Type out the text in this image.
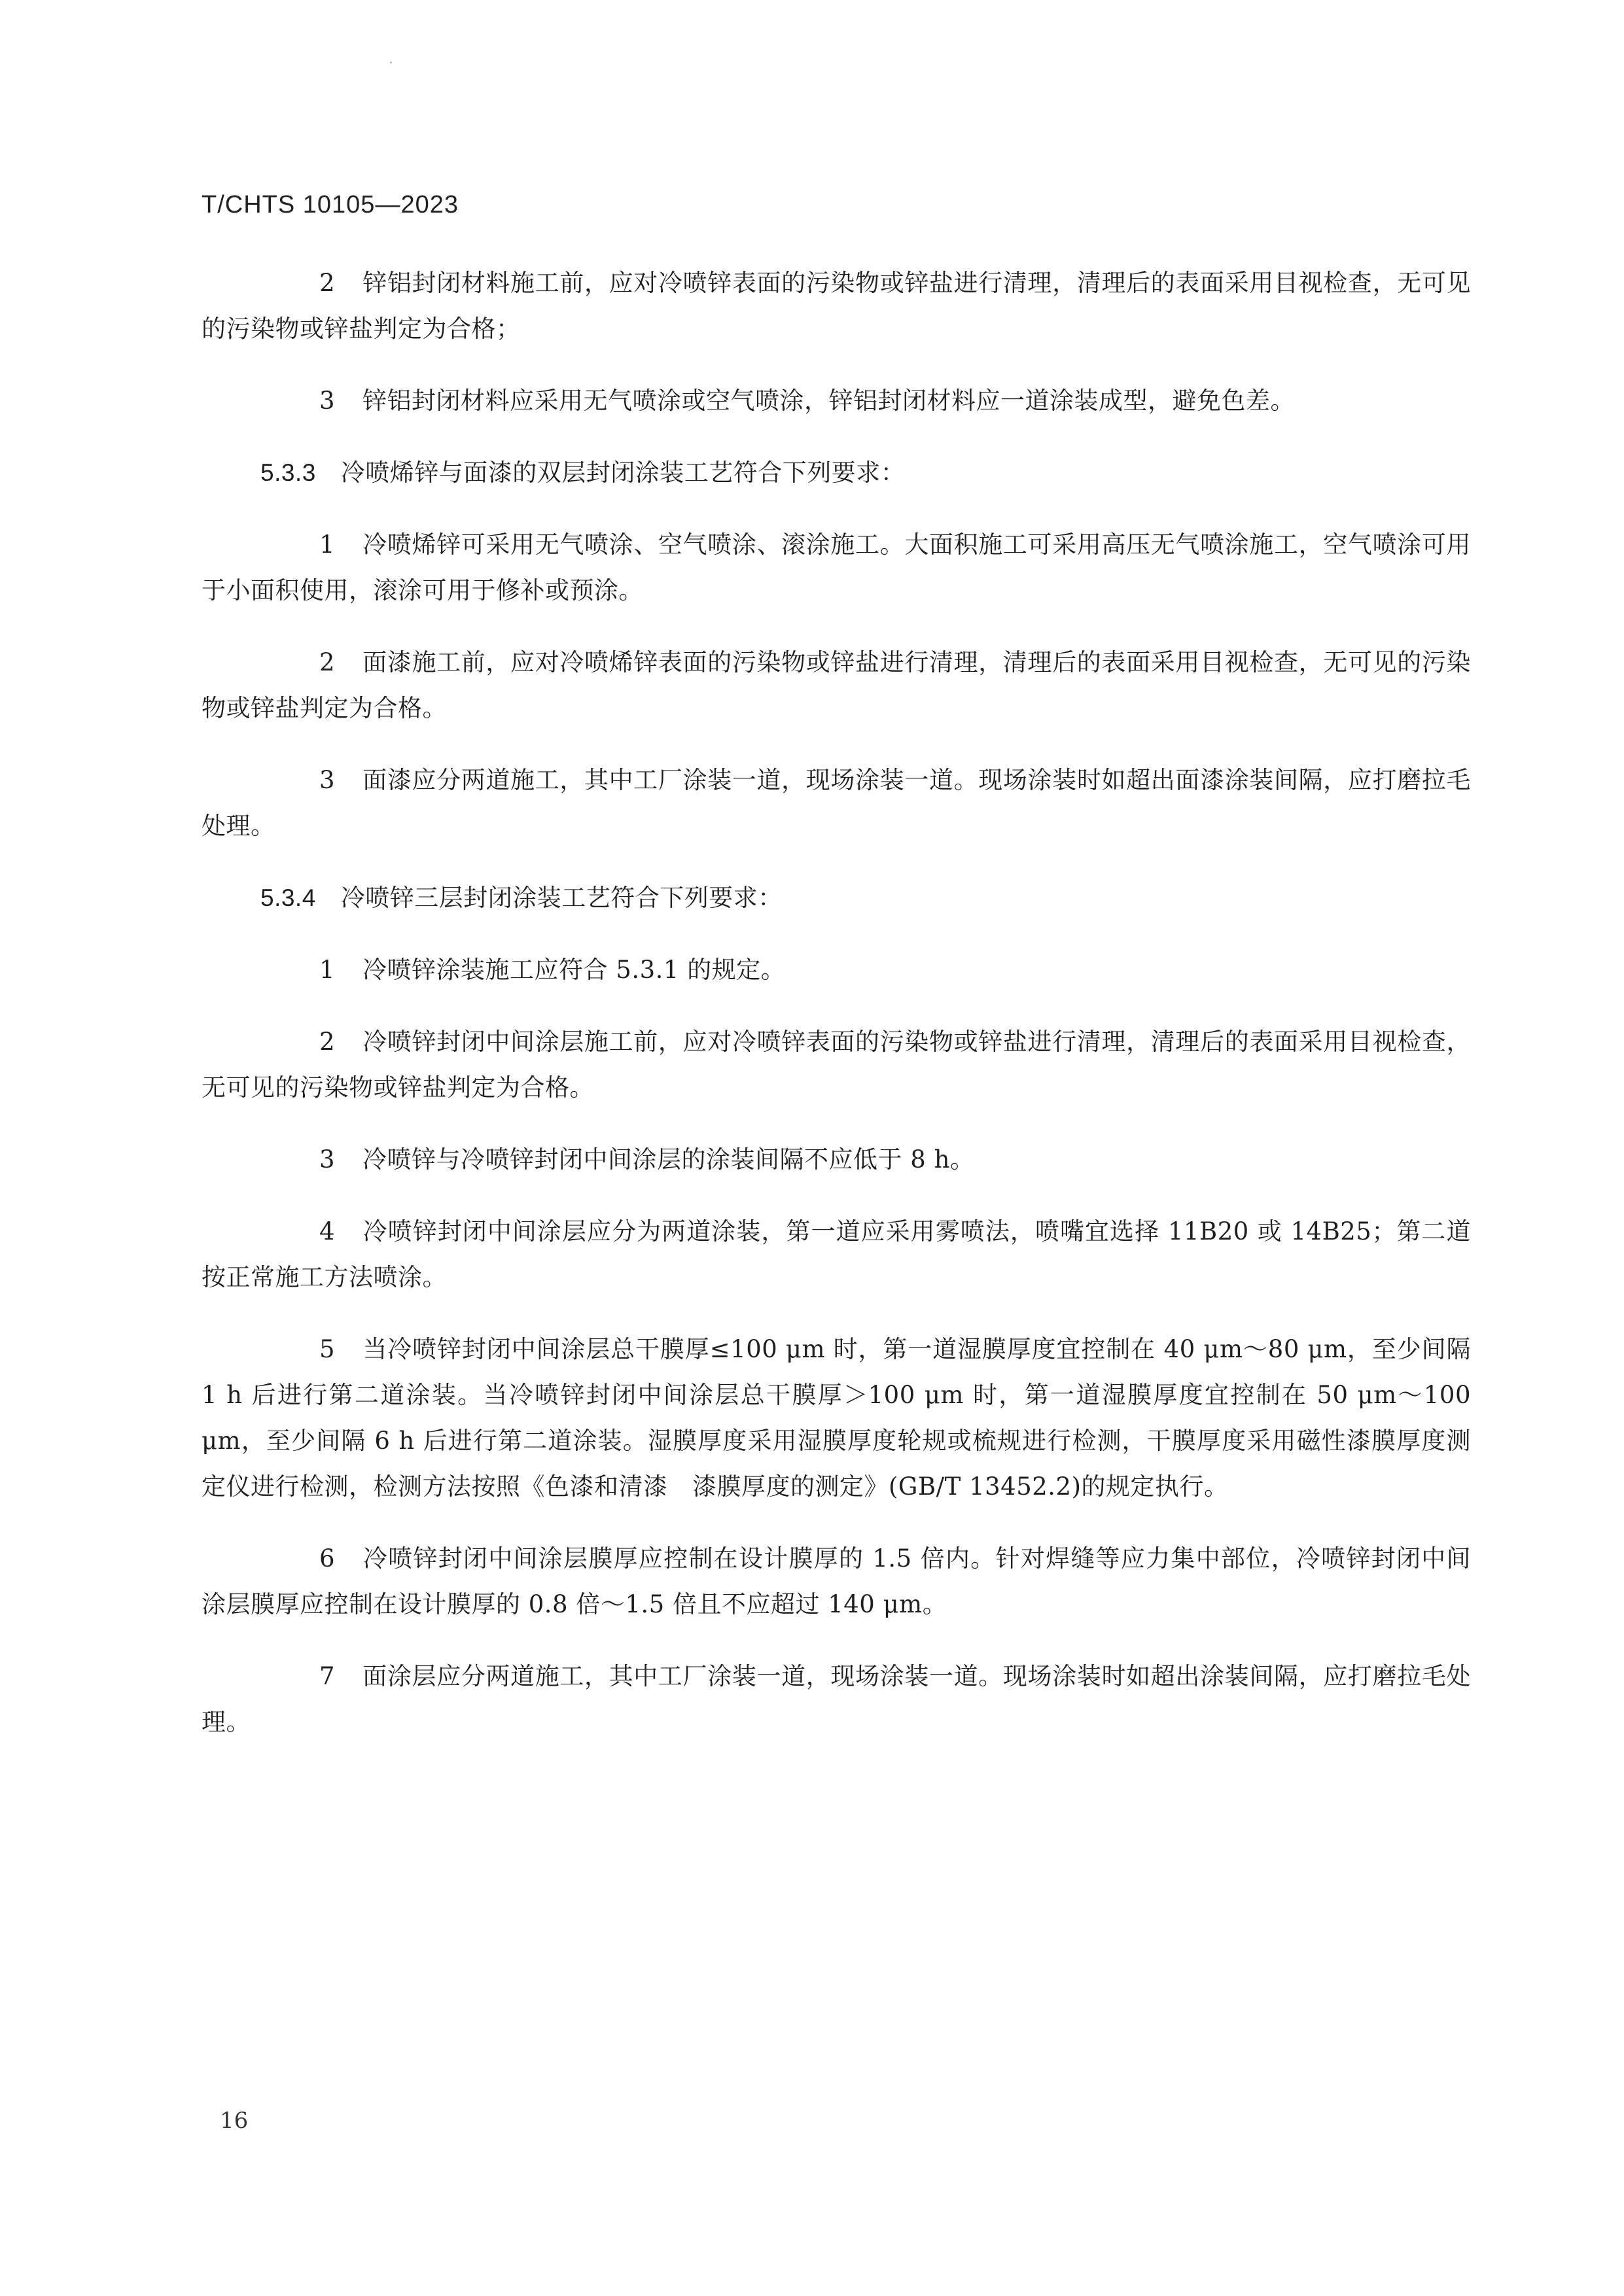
T/CHTS 10105—2023

2 锌铝封闭材料施工前，应对冷喷锌表面的污染物或锌盐进行清理，清理后的表面采用目视检查，无可见的污染物或锌盐判定为合格；

3 锌铝封闭材料应采用无气喷涂或空气喷涂，锌铝封闭材料应一道涂装成型，避免色差。

5.3.3 冷喷烯锌与面漆的双层封闭涂装工艺符合下列要求：

1 冷喷烯锌可采用无气喷涂、空气喷涂、滚涂施工。大面积施工可采用高压无气喷涂施工，空气喷涂可用于小面积使用，滚涂可用于修补或预涂。

2 面漆施工前，应对冷喷烯锌表面的污染物或锌盐进行清理，清理后的表面采用目视检查，无可见的污染物或锌盐判定为合格。

3 面漆应分两道施工，其中工厂涂装一道，现场涂装一道。现场涂装时如超出面漆涂装间隔，应打磨拉毛处理。

5.3.4 冷喷锌三层封闭涂装工艺符合下列要求：

1 冷喷锌涂装施工应符合 5.3.1 的规定。

2 冷喷锌封闭中间涂层施工前，应对冷喷锌表面的污染物或锌盐进行清理，清理后的表面采用目视检查，无可见的污染物或锌盐判定为合格。

3 冷喷锌与冷喷锌封闭中间涂层的涂装间隔不应低于 8 h。

4 冷喷锌封闭中间涂层应分为两道涂装，第一道应采用雾喷法，喷嘴宜选择 11B20 或 14B25；第二道按正常施工方法喷涂。

5 当冷喷锌封闭中间涂层总干膜厚≤100 μm 时，第一道湿膜厚度宜控制在 40 μm～80 μm，至少间隔 1 h 后进行第二道涂装。当冷喷锌封闭中间涂层总干膜厚＞100 μm 时，第一道湿膜厚度宜控制在 50 μm～100 μm，至少间隔 6 h 后进行第二道涂装。湿膜厚度采用湿膜厚度轮规或梳规进行检测，干膜厚度采用磁性漆膜厚度测定仪进行检测，检测方法按照《色漆和清漆　漆膜厚度的测定》(GB/T 13452.2)的规定执行。

6 冷喷锌封闭中间涂层膜厚应控制在设计膜厚的 1.5 倍内。针对焊缝等应力集中部位，冷喷锌封闭中间涂层膜厚应控制在设计膜厚的 0.8 倍～1.5 倍且不应超过 140 μm。

7 面涂层应分两道施工，其中工厂涂装一道，现场涂装一道。现场涂装时如超出涂装间隔，应打磨拉毛处理。

16
